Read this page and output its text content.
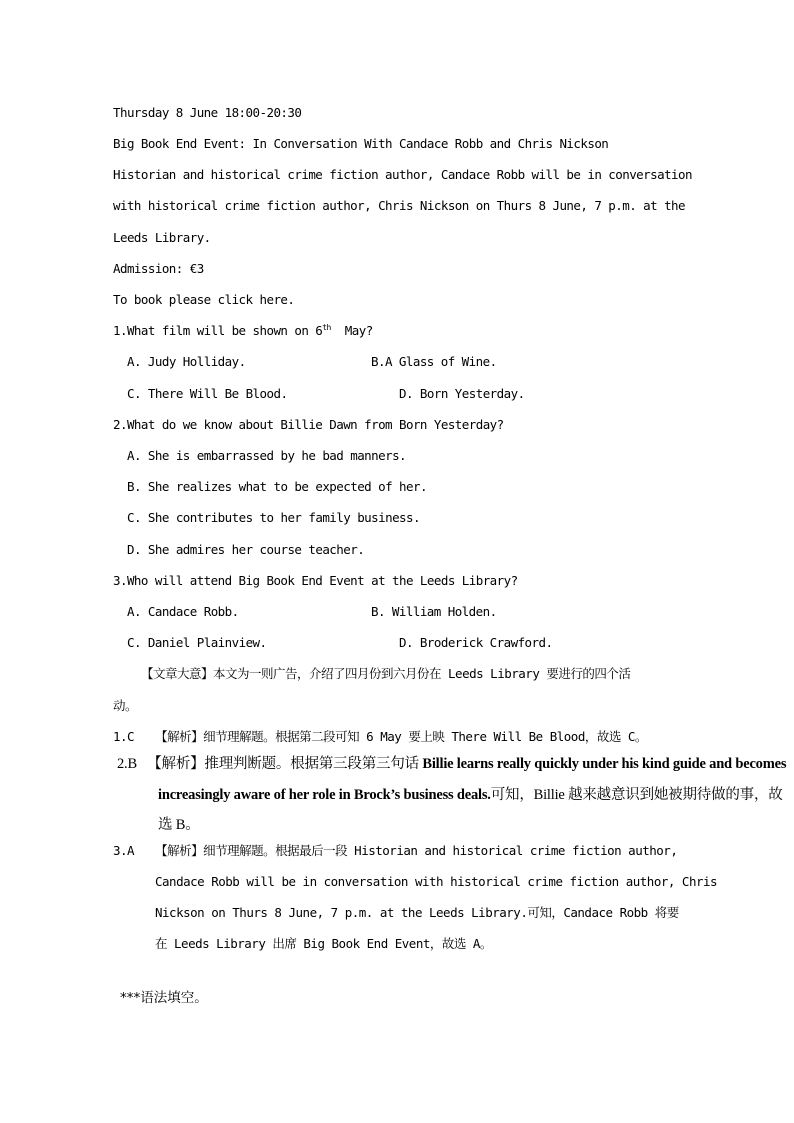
Thursday 8 June 18:00-20:30
Big Book End Event: In Conversation With Candace Robb and Chris Nickson
Historian and historical crime fiction author, Candace Robb will be in conversation
with historical crime fiction author, Chris Nickson on Thurs 8 June, 7 p.m. at the
Leeds Library.
Admission: €3
To book please click here.
1.What film will be shown on 6th  May?
A. Judy Holliday.	B.A Glass of Wine.
C. There Will Be Blood.	D. Born Yesterday.
2.What do we know about Billie Dawn from Born Yesterday?
A. She is embarrassed by he bad manners.
B. She realizes what to be expected of her.
C. She contributes to her family business.
D. She admires her course teacher.
3.Who will attend Big Book End Event at the Leeds Library?
A. Candace Robb.	B. William Holden.
C. Daniel Plainview.	D. Broderick Crawford.
【文章大意】本文为一则广告，介绍了四月份到六月份在 Leeds Library 要进行的四个活
动。
1.C   【解析】细节理解题。根据第二段可知 6 May 要上映 There Will Be Blood，故选 C。
2.B   【解析】推理判断题。根据第三段第三句话 Billie learns really quickly under his kind guide and becomes
increasingly aware of her role in Brock’s business deals.可知，Billie 越来越意识到她被期待做的事，故
选 B。
3.A   【解析】细节理解题。根据最后一段 Historian and historical crime fiction author,
Candace Robb will be in conversation with historical crime fiction author, Chris
Nickson on Thurs 8 June, 7 p.m. at the Leeds Library.可知，Candace Robb 将要
在 Leeds Library 出席 Big Book End Event，故选 A。
***语法填空。
